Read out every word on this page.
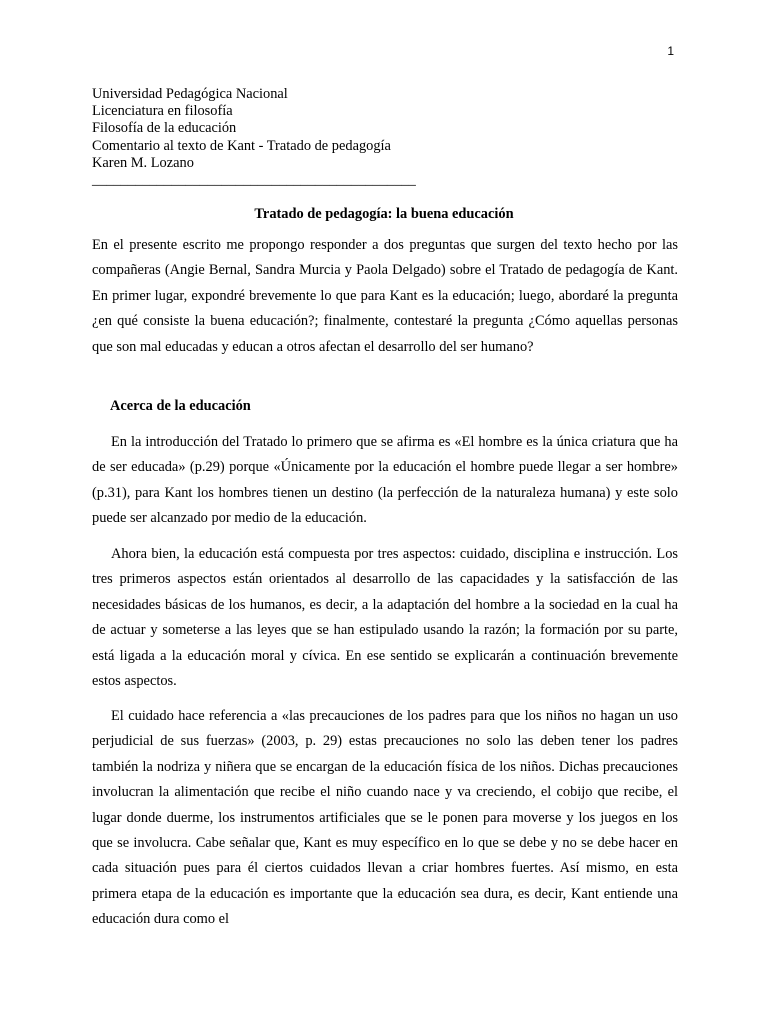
1
Universidad Pedagógica Nacional
Licenciatura en filosofía
Filosofía de la educación
Comentario al texto de Kant - Tratado de pedagogía
Karen M. Lozano
_____________________________________________
Tratado de pedagogía: la buena educación

En el presente escrito me propongo responder a dos preguntas que surgen del texto hecho por las compañeras (Angie Bernal, Sandra Murcia y Paola Delgado) sobre el Tratado de pedagogía de Kant. En primer lugar, expondré brevemente lo que para Kant es la educación; luego, abordaré la pregunta ¿en qué consiste la buena educación?; finalmente, contestaré la pregunta ¿Cómo aquellas personas que son mal educadas y educan a otros afectan el desarrollo del ser humano?

Acerca de la educación

En la introducción del Tratado lo primero que se afirma es «El hombre es la única criatura que ha de ser educada» (p.29) porque «Únicamente por la educación el hombre puede llegar a ser hombre» (p.31), para Kant los hombres tienen un destino (la perfección de la naturaleza humana) y este solo puede ser alcanzado por medio de la educación.

Ahora bien, la educación está compuesta por tres aspectos: cuidado, disciplina e instrucción. Los tres primeros aspectos están orientados al desarrollo de las capacidades y la satisfacción de las necesidades básicas de los humanos, es decir, a la adaptación del hombre a la sociedad en la cual ha de actuar y someterse a las leyes que se han estipulado usando la razón; la formación por su parte, está ligada a la educación moral y cívica. En ese sentido se explicarán a continuación brevemente estos aspectos.

El cuidado hace referencia a «las precauciones de los padres para que los niños no hagan un uso perjudicial de sus fuerzas» (2003, p. 29) estas precauciones no solo las deben tener los padres también la nodriza y niñera que se encargan de la educación física de los niños. Dichas precauciones involucran la alimentación que recibe el niño cuando nace y va creciendo, el cobijo que recibe, el lugar donde duerme, los instrumentos artificiales que se le ponen para moverse y los juegos en los que se involucra. Cabe señalar que, Kant es muy específico en lo que se debe y no se debe hacer en cada situación pues para él ciertos cuidados llevan a criar hombres fuertes. Así mismo, en esta primera etapa de la educación es importante que la educación sea dura, es decir, Kant entiende una educación dura como el
